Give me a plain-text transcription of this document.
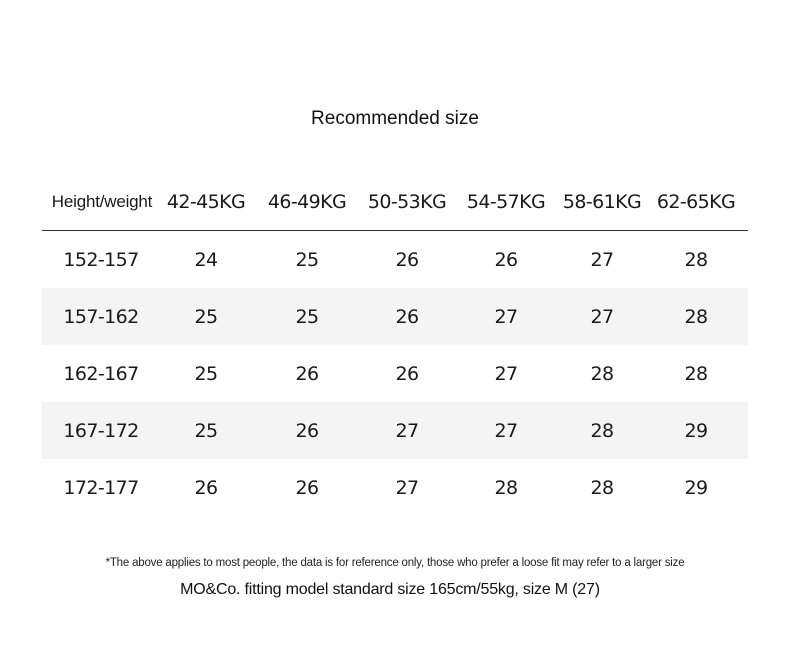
Recommended size
Height/weight 42-45KG	46-49KG	50-53KG	54-57KG 58-61KG 62-65KG
152-157	24	25	26	26	27	28
157-162	25	25	26	27	27	28
162-167	25	26	26	27	28	28
167-172	25	26	27	27	28	29
172-177	26	26	27	28	28	29
*The above applies to most people, the data is for reference only, those who prefer a loose fit may refer to a larger size
MO&Co. fitting model standard size 165cm/55kg, size M (27)
